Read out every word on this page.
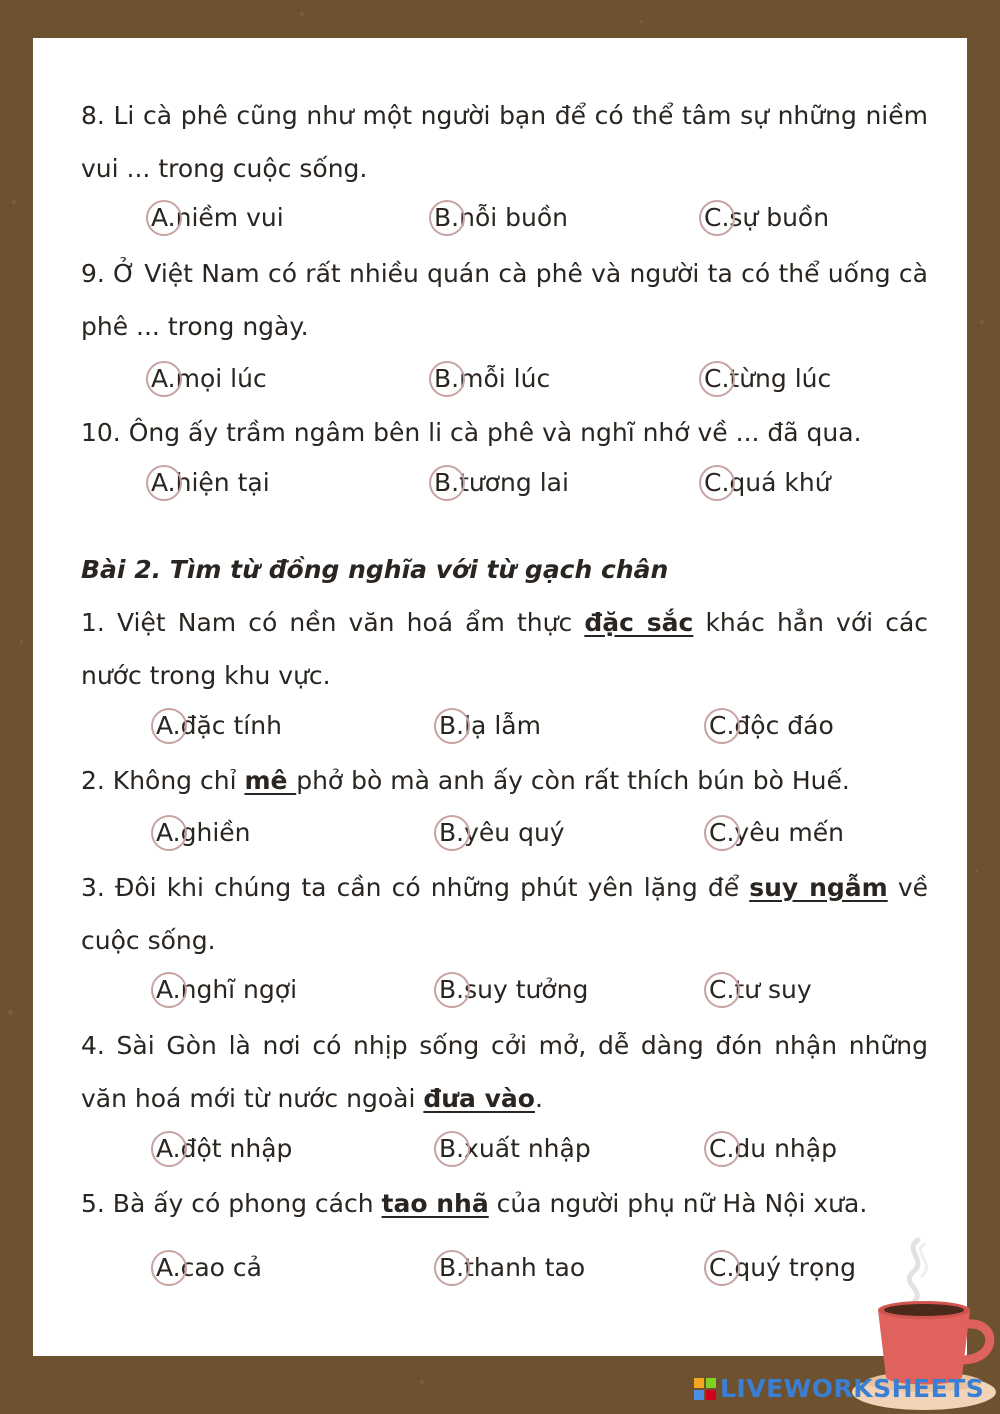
8. Li cà phê cũng như một người bạn để có thể tâm sự những niềm vui ... trong cuộc sống.
A.niềm vui	B.nỗi buồn	C.sự buồn
9. Ở Việt Nam có rất nhiều quán cà phê và người ta có thể uống cà phê ... trong ngày.
A.mọi lúc	B.mỗi lúc	C.từng lúc
10. Ông ấy trầm ngâm bên li cà phê và nghĩ nhớ về ... đã qua.
A.hiện tại	B.tương lai	C.quá khứ
Bài 2. Tìm từ đồng nghĩa với từ gạch chân
1. Việt Nam có nền văn hoá ẩm thực đặc sắc khác hẳn với các nước trong khu vực.
A.đặc tính	B.lạ lẫm	C.độc đáo
2. Không chỉ mê phở bò mà anh ấy còn rất thích bún bò Huế.
A.ghiền	B.yêu quý	C.yêu mến
3. Đôi khi chúng ta cần có những phút yên lặng để suy ngẫm về cuộc sống.
A.nghĩ ngợi	B.suy tưởng	C.tư suy
4. Sài Gòn là nơi có nhịp sống cởi mở, dễ dàng đón nhận những văn hoá mới từ nước ngoài đưa vào.
A.đột nhập	B.xuất nhập	C.du nhập
5. Bà ấy có phong cách tao nhã của người phụ nữ Hà Nội xưa.
A.cao cả	B.thanh tao	C.quý trọng
LIVEWORKSHEETS
